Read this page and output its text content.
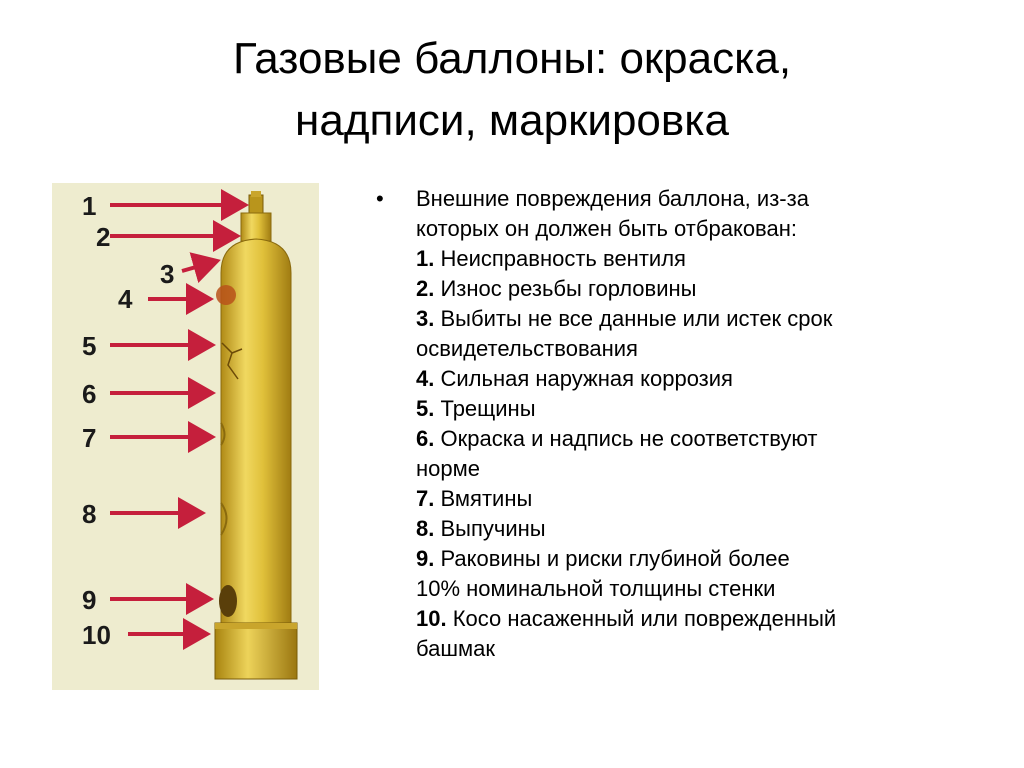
Газовые баллоны: окраска,
надписи, маркировка
1
2
3
4
5
6
7
8
9
10
•	Внешние повреждения баллона, из-за
которых он должен быть отбракован:
1. Неисправность вентиля
2. Износ резьбы горловины
3. Выбиты не все данные или истек срок
освидетельствования
4. Сильная наружная коррозия
5. Трещины
6. Окраска и надпись не соответствуют
норме
7. Вмятины
8. Выпучины
9. Раковины и риски глубиной более
10% номинальной толщины стенки
10. Косо насаженный или поврежденный
башмак
